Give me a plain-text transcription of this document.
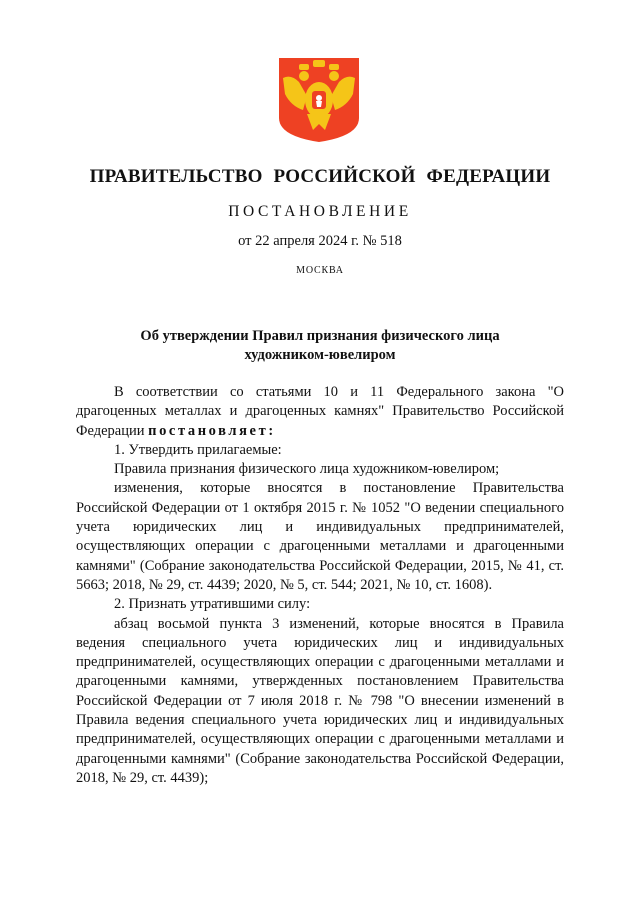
ПРАВИТЕЛЬСТВО РОССИЙСКОЙ ФЕДЕРАЦИИ
ПОСТАНОВЛЕНИЕ
от 22 апреля 2024 г. № 518
МОСКВА
Об утверждении Правил признания физического лица
художником-ювелиром

В соответствии со статьями 10 и 11 Федерального закона "О драгоценных металлах и драгоценных камнях" Правительство Российской Федерации постановляет:

1. Утвердить прилагаемые:

Правила признания физического лица художником-ювелиром;

изменения, которые вносятся в постановление Правительства Российской Федерации от 1 октября 2015 г. № 1052 "О ведении специального учета юридических лиц и индивидуальных предпринимателей, осуществляющих операции с драгоценными металлами и драгоценными камнями" (Собрание законодательства Российской Федерации, 2015, № 41, ст. 5663; 2018, № 29, ст. 4439; 2020, № 5, ст. 544; 2021, № 10, ст. 1608).

2. Признать утратившими силу:

абзац восьмой пункта 3 изменений, которые вносятся в Правила ведения специального учета юридических лиц и индивидуальных предпринимателей, осуществляющих операции с драгоценными металлами и драгоценными камнями, утвержденных постановлением Правительства Российской Федерации от 7 июля 2018 г. № 798 "О внесении изменений в Правила ведения специального учета юридических лиц и индивидуальных предпринимателей, осуществляющих операции с драгоценными металлами и драгоценными камнями" (Собрание законодательства Российской Федерации, 2018, № 29, ст. 4439);
